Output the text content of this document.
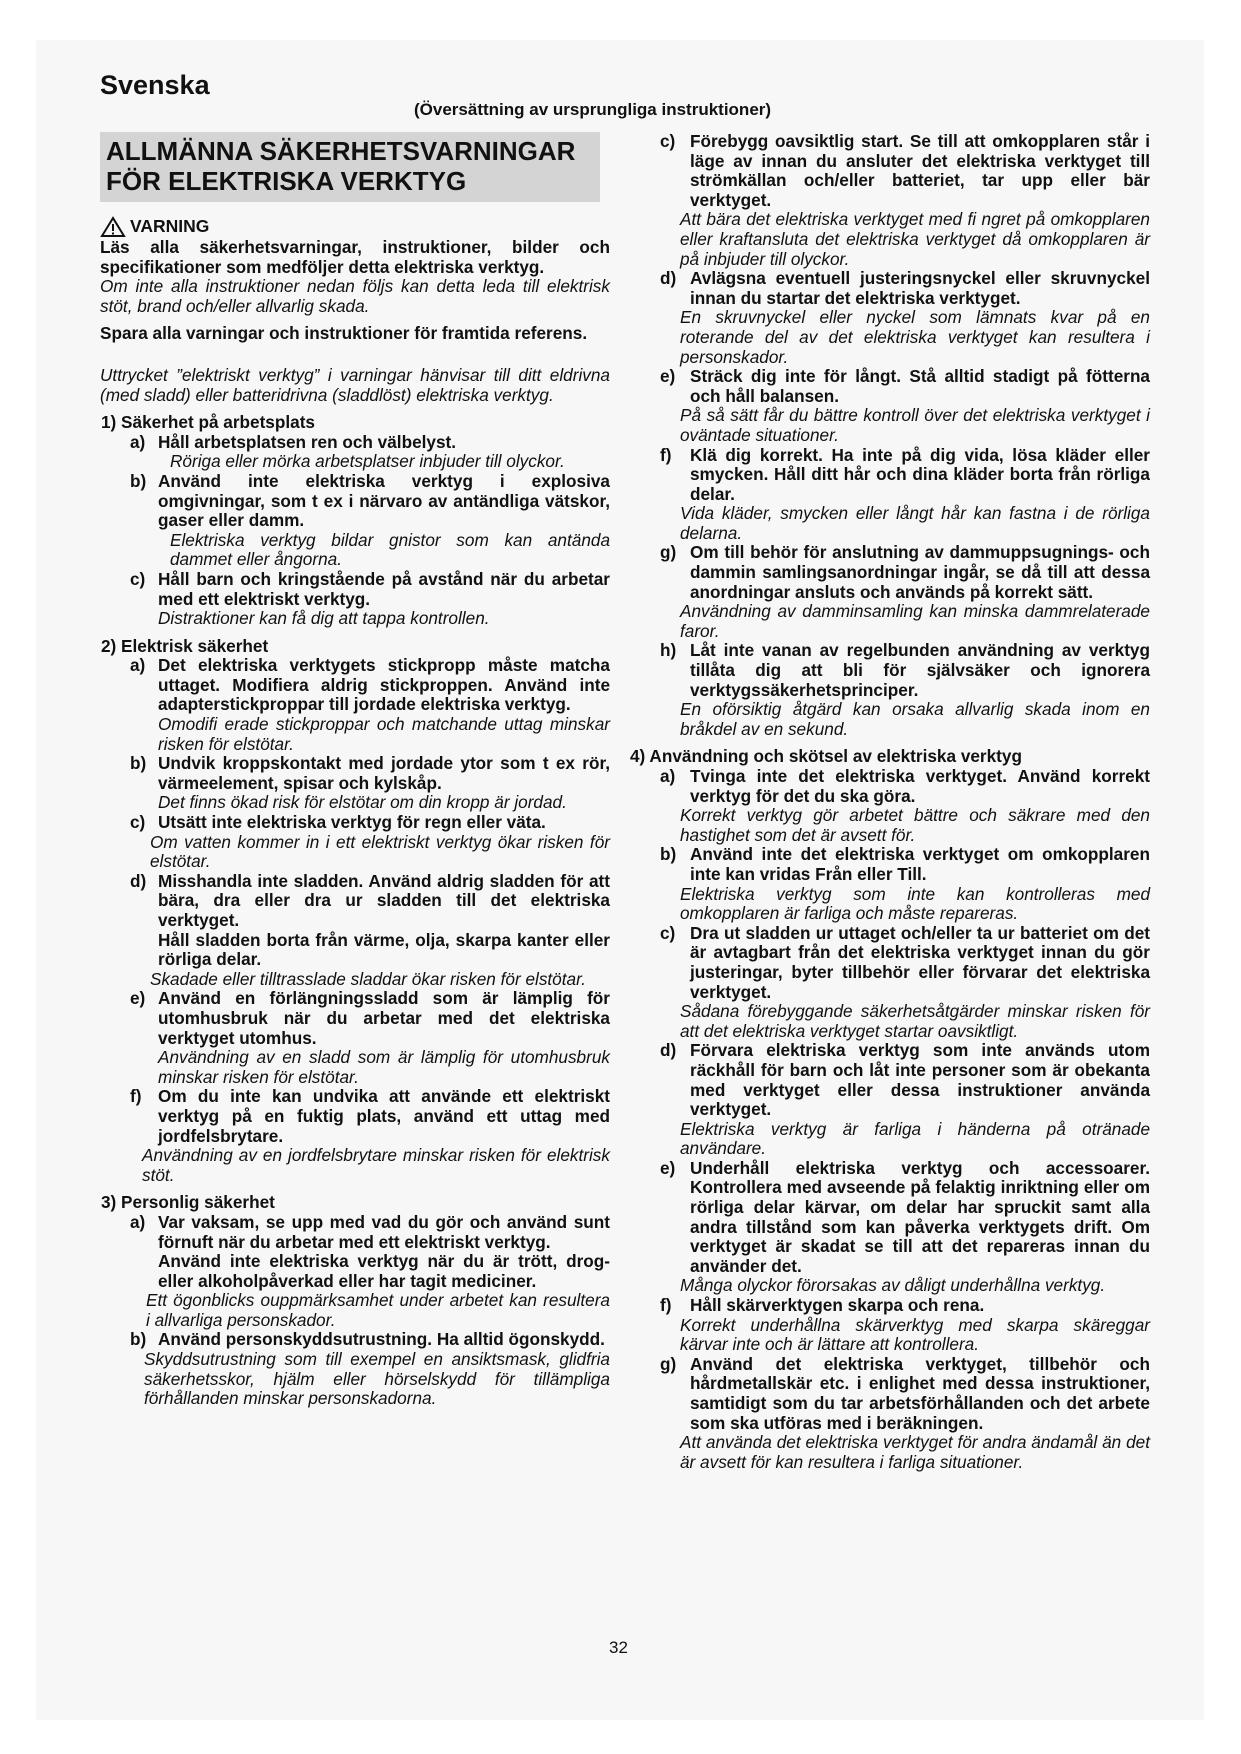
Svenska
(Översättning av ursprungliga instruktioner)
ALLMÄNNA SÄKERHETSVARNINGAR
FÖR ELEKTRISKA VERKTYG
VARNING

Läs alla säkerhetsvarningar, instruktioner, bilder och specifikationer som medföljer detta elektriska verktyg.

Om inte alla instruktioner nedan följs kan detta leda till elektrisk stöt, brand och/eller allvarlig skada.

Spara alla varningar och instruktioner för framtida referens.

Uttrycket ”elektriskt verktyg” i varningar hänvisar till ditt eldrivna (med sladd) eller batteridrivna (sladdlöst) elektriska verktyg.

1) Säkerhet på arbetsplats

a) Håll arbetsplatsen ren och välbelyst.

Röriga eller mörka arbetsplatser inbjuder till olyckor.

b) Använd inte elektriska verktyg i explosiva omgivningar, som t ex i närvaro av antändliga vätskor, gaser eller damm.

Elektriska verktyg bildar gnistor som kan antända dammet eller ångorna.

c) Håll barn och kringstående på avstånd när du arbetar med ett elektriskt verktyg.

Distraktioner kan få dig att tappa kontrollen.

2) Elektrisk säkerhet

a) Det elektriska verktygets stickpropp måste matcha uttaget. Modifiera aldrig stickproppen. Använd inte adapterstickproppar till jordade elektriska verktyg.

Omodifi erade stickproppar och matchande uttag minskar risken för elstötar.

b) Undvik kroppskontakt med jordade ytor som t ex rör, värmeelement, spisar och kylskåp.

Det finns ökad risk för elstötar om din kropp är jordad.

c) Utsätt inte elektriska verktyg för regn eller väta.

Om vatten kommer in i ett elektriskt verktyg ökar risken för elstötar.

d) Misshandla inte sladden. Använd aldrig sladden för att bära, dra eller dra ur sladden till det elektriska verktyget.
Håll sladden borta från värme, olja, skarpa kanter eller rörliga delar.

Skadade eller tilltrasslade sladdar ökar risken för elstötar.

e) Använd en förlängningssladd som är lämplig för utomhusbruk när du arbetar med det elektriska verktyget utomhus.

Användning av en sladd som är lämplig för utomhusbruk minskar risken för elstötar.

f) Om du inte kan undvika att använde ett elektriskt verktyg på en fuktig plats, använd ett uttag med jordfelsbrytare.

Användning av en jordfelsbrytare minskar risken för elektrisk stöt.

3) Personlig säkerhet

a) Var vaksam, se upp med vad du gör och använd sunt förnuft när du arbetar med ett elektriskt verktyg.
Använd inte elektriska verktyg när du är trött, drog- eller alkoholpåverkad eller har tagit mediciner.

Ett ögonblicks ouppmärksamhet under arbetet kan resultera i allvarliga personskador.

b) Använd personskyddsutrustning. Ha alltid ögonskydd.

Skyddsutrustning som till exempel en ansiktsmask, glidfria säkerhetsskor, hjälm eller hörselskydd för tillämpliga förhållanden minskar personskadorna.

c) Förebygg oavsiktlig start. Se till att omkopplaren står i läge av innan du ansluter det elektriska verktyget till strömkällan och/eller batteriet, tar upp eller bär verktyget.

Att bära det elektriska verktyget med fi ngret på omkopplaren eller kraftansluta det elektriska verktyget då omkopplaren är på inbjuder till olyckor.

d) Avlägsna eventuell justeringsnyckel eller skruvnyckel innan du startar det elektriska verktyget.

En skruvnyckel eller nyckel som lämnats kvar på en roterande del av det elektriska verktyget kan resultera i personskador.

e) Sträck dig inte för långt. Stå alltid stadigt på fötterna och håll balansen.

På så sätt får du bättre kontroll över det elektriska verktyget i oväntade situationer.

f)	Klä dig korrekt. Ha inte på dig vida, lösa kläder eller smycken. Håll ditt hår och dina kläder borta från rörliga delar.

Vida kläder, smycken eller långt hår kan fastna i de rörliga delarna.

g) Om till behör för anslutning av dammuppsugnings- och dammin samlingsanordningar ingår, se då till att dessa anordningar ansluts och används på korrekt sätt.

Användning av damminsamling kan minska dammrelaterade faror.

h) Låt inte vanan av regelbunden användning av verktyg tillåta dig att bli för självsäker och ignorera verktygssäkerhetsprinciper.

En oförsiktig åtgärd kan orsaka allvarlig skada inom en bråkdel av en sekund.

4) Användning och skötsel av elektriska verktyg

a) Tvinga inte det elektriska verktyget. Använd korrekt verktyg för det du ska göra.

Korrekt verktyg gör arbetet bättre och säkrare med den hastighet som det är avsett för.

b) Använd inte det elektriska verktyget om omkopplaren inte kan vridas Från eller Till.

Elektriska verktyg som inte kan kontrolleras med omkopplaren är farliga och måste repareras.

c) Dra ut sladden ur uttaget och/eller ta ur batteriet om det är avtagbart från det elektriska verktyget innan du gör justeringar, byter tillbehör eller förvarar det elektriska verktyget.

Sådana förebyggande säkerhetsåtgärder minskar risken för att det elektriska verktyget startar oavsiktligt.

d) Förvara elektriska verktyg som inte används utom räckhåll för barn och låt inte personer som är obekanta med verktyget eller dessa instruktioner använda verktyget.

Elektriska verktyg är farliga i händerna på otränade användare.

e) Underhåll elektriska verktyg och accessoarer. Kontrollera med avseende på felaktig inriktning eller om rörliga delar kärvar, om delar har spruckit samt alla andra tillstånd som kan påverka verktygets drift. Om verktyget är skadat se till att det repareras innan du använder det.

Många olyckor förorsakas av dåligt underhållna verktyg.

f)	Håll skärverktygen skarpa och rena.

Korrekt underhållna skärverktyg med skarpa skäreggar kärvar inte och är lättare att kontrollera.

g) Använd det elektriska verktyget, tillbehör och hårdmetallskär etc. i enlighet med dessa instruktioner, samtidigt som du tar arbetsförhållanden och det arbete som ska utföras med i beräkningen.

Att använda det elektriska verktyget för andra ändamål än det är avsett för kan resultera i farliga situationer.

32
